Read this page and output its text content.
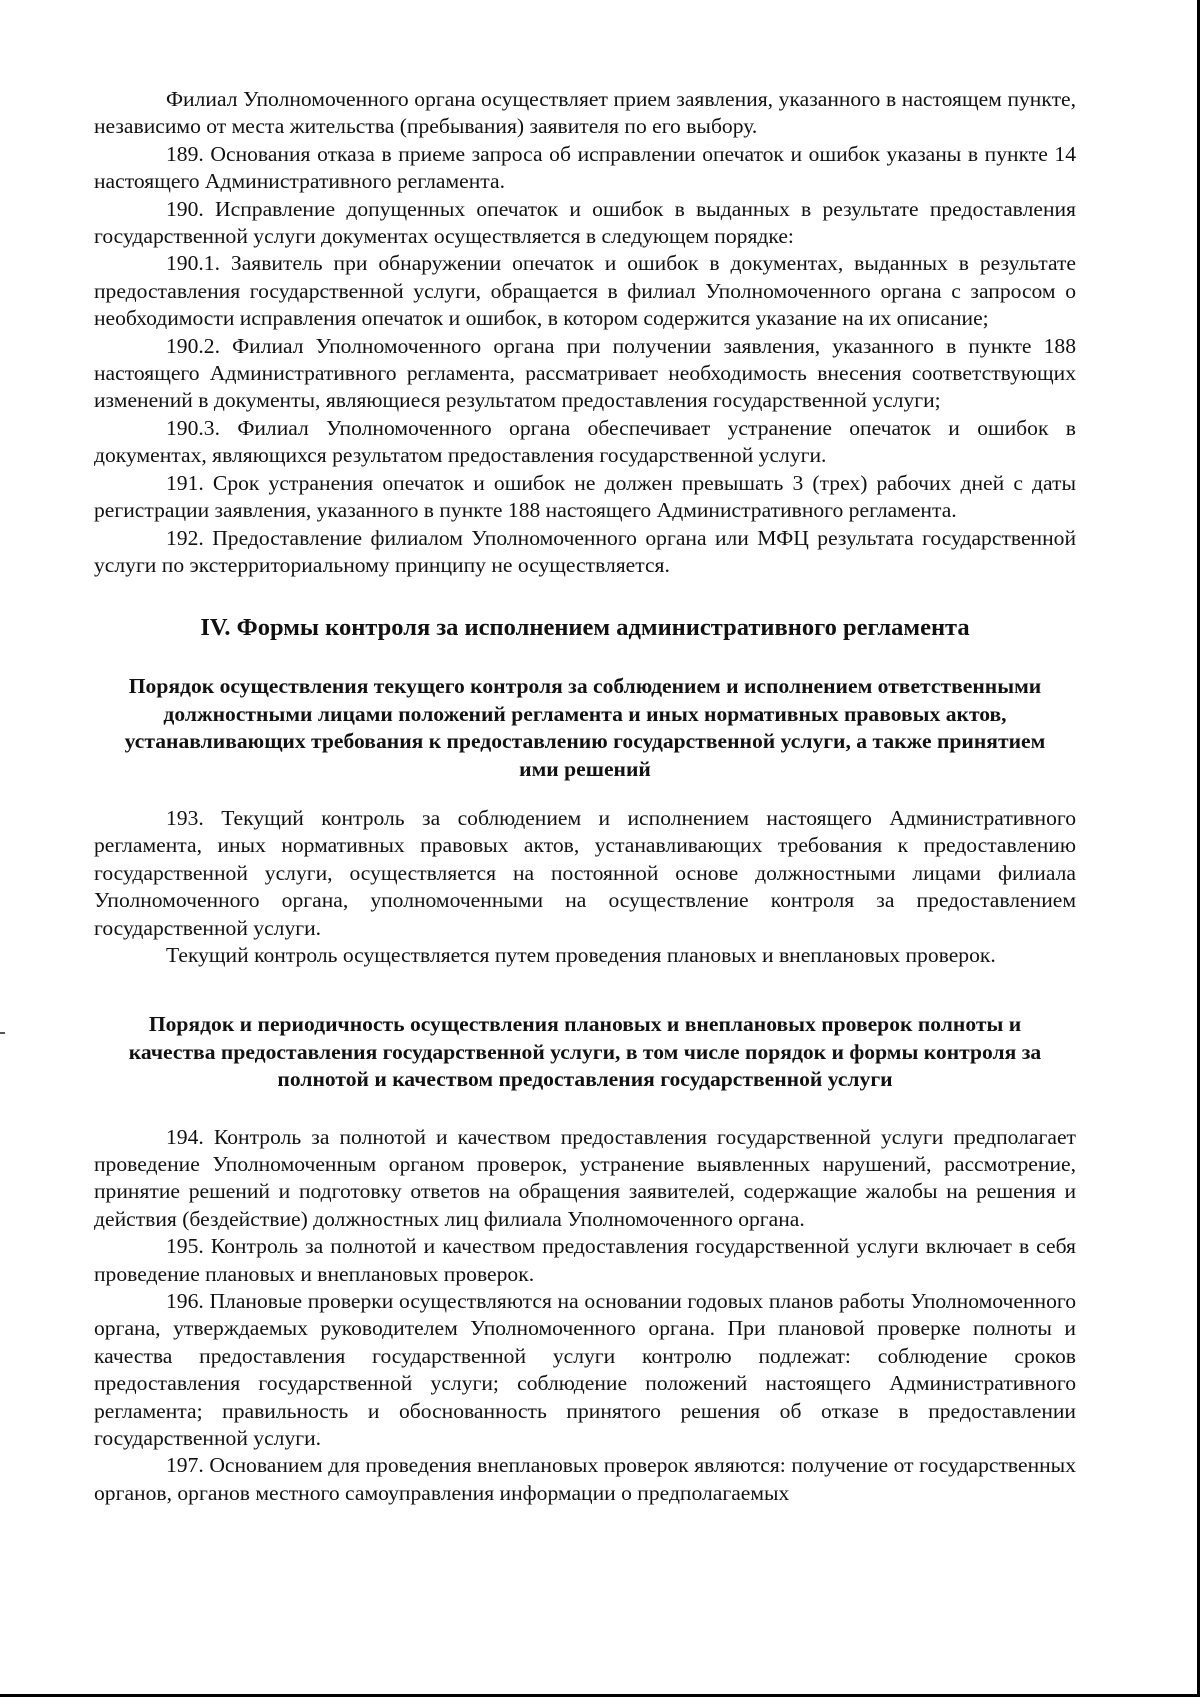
Филиал Уполномоченного органа осуществляет прием заявления, указанного в настоящем пункте, независимо от места жительства (пребывания) заявителя по его выбору.

189. Основания отказа в приеме запроса об исправлении опечаток и ошибок указаны в пункте 14 настоящего Административного регламента.

190. Исправление допущенных опечаток и ошибок в выданных в результате предоставления государственной услуги документах осуществляется в следующем порядке:

190.1. Заявитель при обнаружении опечаток и ошибок в документах, выданных в результате предоставления государственной услуги, обращается в филиал Уполномоченного органа с запросом о необходимости исправления опечаток и ошибок, в котором содержится указание на их описание;

190.2. Филиал Уполномоченного органа при получении заявления, указанного в пункте 188 настоящего Административного регламента, рассматривает необходимость внесения соответствующих изменений в документы, являющиеся результатом предоставления государственной услуги;

190.3. Филиал Уполномоченного органа обеспечивает устранение опечаток и ошибок в документах, являющихся результатом предоставления государственной услуги.

191. Срок устранения опечаток и ошибок не должен превышать 3 (трех) рабочих дней с даты регистрации заявления, указанного в пункте 188 настоящего Административного регламента.

192. Предоставление филиалом Уполномоченного органа или МФЦ результата государственной услуги по экстерриториальному принципу не осуществляется.

IV. Формы контроля за исполнением административного регламента
Порядок осуществления текущего контроля за соблюдением и исполнением ответственными должностными лицами положений регламента и иных нормативных правовых актов, устанавливающих требования к предоставлению государственной услуги, а также принятием ими решений

193. Текущий контроль за соблюдением и исполнением настоящего Административного регламента, иных нормативных правовых актов, устанавливающих требования к предоставлению государственной услуги, осуществляется на постоянной основе должностными лицами филиала Уполномоченного органа, уполномоченными на осуществление контроля за предоставлением государственной услуги.

Текущий контроль осуществляется путем проведения плановых и внеплановых проверок.

Порядок и периодичность осуществления плановых и внеплановых проверок полноты и качества предоставления государственной услуги, в том числе порядок и формы контроля за полнотой и качеством предоставления государственной услуги

194. Контроль за полнотой и качеством предоставления государственной услуги предполагает проведение Уполномоченным органом проверок, устранение выявленных нарушений, рассмотрение, принятие решений и подготовку ответов на обращения заявителей, содержащие жалобы на решения и действия (бездействие) должностных лиц филиала Уполномоченного органа.

195. Контроль за полнотой и качеством предоставления государственной услуги включает в себя проведение плановых и внеплановых проверок.

196. Плановые проверки осуществляются на основании годовых планов работы Уполномоченного органа, утверждаемых руководителем Уполномоченного органа. При плановой проверке полноты и качества предоставления государственной услуги контролю подлежат: соблюдение сроков предоставления государственной услуги; соблюдение положений настоящего Административного регламента; правильность и обоснованность принятого решения об отказе в предоставлении государственной услуги.

197. Основанием для проведения внеплановых проверок являются: получение от государственных органов, органов местного самоуправления информации о предполагаемых
